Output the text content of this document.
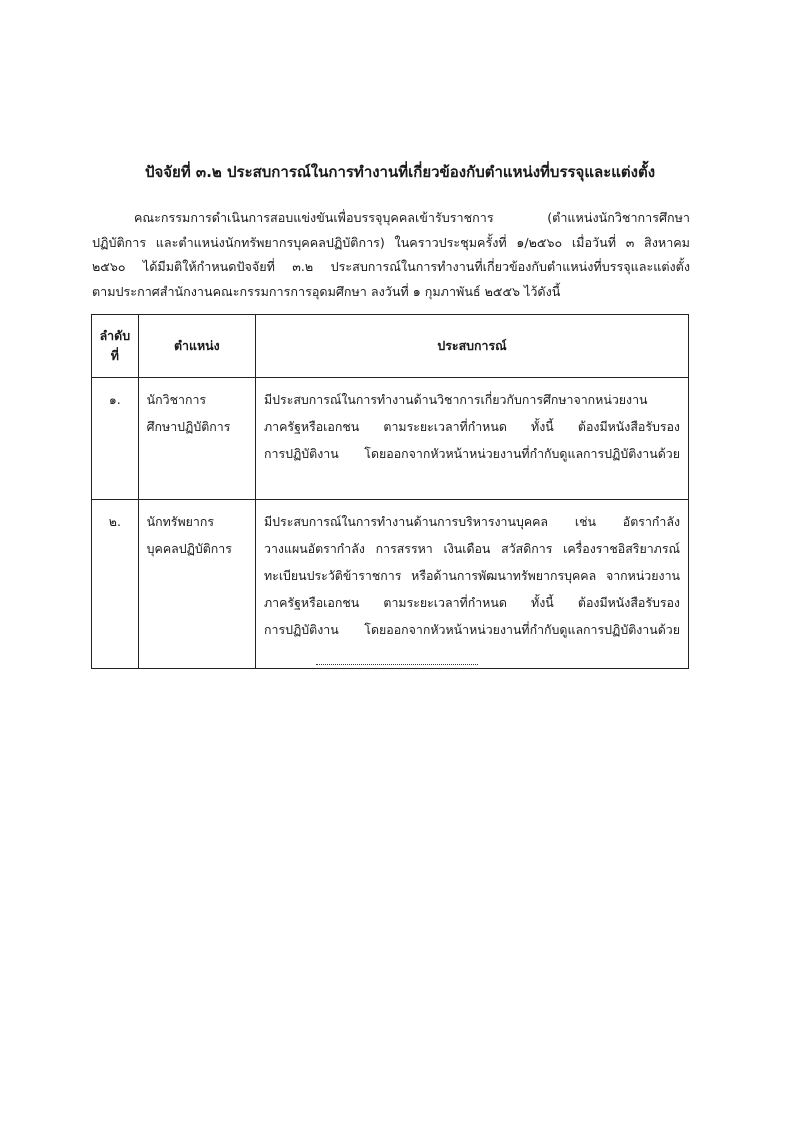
ปัจจัยที่ ๓.๒ ประสบการณ์ในการทำงานที่เกี่ยวข้องกับตำแหน่งที่บรรจุและแต่งตั้ง
คณะกรรมการดำเนินการสอบแข่งขันเพื่อบรรจุบุคคลเข้ารับราชการ (ตำแหน่งนักวิชาการศึกษา
ปฏิบัติการ และตำแหน่งนักทรัพยากรบุคคลปฏิบัติการ) ในคราวประชุมครั้งที่ ๑/๒๕๖๐ เมื่อวันที่ ๓ สิงหาคม
๒๕๖๐ ได้มีมติให้กำหนดปัจจัยที่ ๓.๒ ประสบการณ์ในการทำงานที่เกี่ยวข้องกับตำแหน่งที่บรรจุและแต่งตั้ง
ตามประกาศสำนักงานคณะกรรมการการอุดมศึกษา ลงวันที่ ๑ กุมภาพันธ์ ๒๕๕๖ ไว้ดังนี้
ลำดับ
ที่	ตำแหน่ง	ประสบการณ์
๑.	นักวิชาการ
ศึกษาปฏิบัติการ	มีประสบการณ์ในการทำงานด้านวิชาการเกี่ยวกับการศึกษาจากหน่วยงาน
ภาครัฐหรือเอกชน ตามระยะเวลาที่กำหนด ทั้งนี้ ต้องมีหนังสือรับรอง
การปฏิบัติงาน โดยออกจากหัวหน้าหน่วยงานที่กำกับดูแลการปฏิบัติงานด้วย

๒.	นักทรัพยากร
บุคคลปฏิบัติการ	มีประสบการณ์ในการทำงานด้านการบริหารงานบุคคล เช่น อัตรากำลัง
วางแผนอัตรากำลัง การสรรหา เงินเดือน สวัสดิการ เครื่องราชอิสริยาภรณ์
ทะเบียนประวัติข้าราชการ หรือด้านการพัฒนาทรัพยากรบุคคล จากหน่วยงาน
ภาครัฐหรือเอกชน ตามระยะเวลาที่กำหนด ทั้งนี้ ต้องมีหนังสือรับรอง
การปฏิบัติงาน โดยออกจากหัวหน้าหน่วยงานที่กำกับดูแลการปฏิบัติงานด้วย
